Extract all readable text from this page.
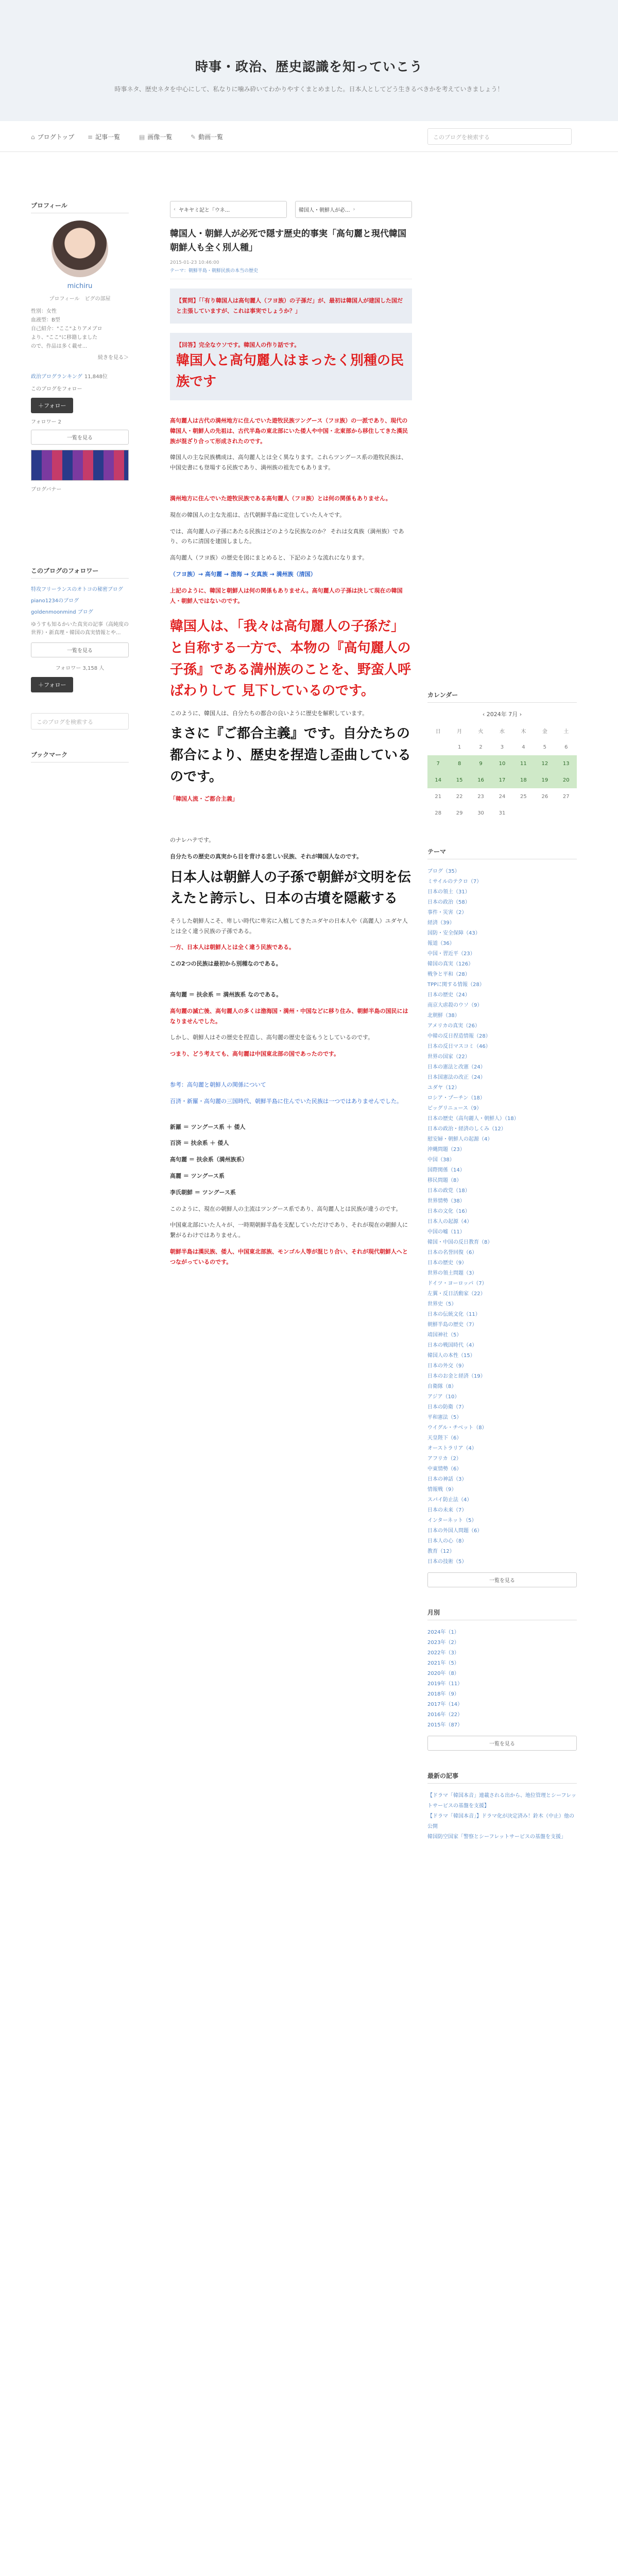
時事・政治、歴史認識を知っていこう

時事ネタ、歴史ネタを中心にして、私なりに噛み砕いてわかりやすくまとめました。日本人としてどう生きるべきかを考えていきましょう！

⌂ ブログトップ ≡ 記事一覧	▤ 画像一覧	✎ 動画一覧	このブログを検索する
プロフィール
michiru
プロフィール　ピグの部屋
性別：女性
血液型：B型
自己紹介："ここ"よりアメブロ
より、"ここ"に移籍しました
ので、作品は多く載せ...
続きを見る＞
政治ブログランキング 11,848位
このブログをフォロー
＋フォロー
フォロワー 2
一覧を見る
ブログバナー
このブログのフォロワー
特攻フリーランスのオトコの秘密ブログ
piano1234のブログ
goldenmoonmind ブログ
ゆうすも知るかいた真実の記事（高純度の世界）・新真理・韓国の真実情報とや...
一覧を見る
フォロワー 3,158 人
＋フォロー
このブログを検索する
ブックマーク
‹ ヤキヤミ記と「ウネ...	韓国人・朝鮮人が必... ›
韓国人・朝鮮人が必死で隠す歴史的事実「高句麗と現代韓国朝鮮人も全く別人種」
2015-01-23 10:46:00
テーマ：朝鮮半島・朝鮮民族の本当の歴史
【質問】「「有り韓国人は高句麗人（フヨ族）の子孫だ」が、最初は韓国人が建国した国だと主張していますが、これは事実でしょうか？」
【回答】完全なウソです。韓国人の作り話です。
韓国人と高句麗人はまったく別種の民族です
高句麗人は古代の満州地方に住んでいた遊牧民族ツングース（フヨ族）の一派であり、現代の韓国人・朝鮮人の先祖は、古代半島の東北部にいた倭人や中国・北東部から移住してきた漢民族が混ざり合って形成されたのです。
韓国人の主な民族構成は、高句麗人とは全く異なります。これらツングース系の遊牧民族は、中国史書にも登場する民族であり、満州族の祖先でもあります。
満州地方に住んでいた遊牧民族である高句麗人（フヨ族）とは何の関係もありません。
現在の韓国人の主な先祖は、古代朝鮮半島に定住していた人々です。
では、高句麗人の子孫にあたる民族はどのような民族なのか？ それは女真族（満州族）であり、のちに清国を建国しました。
高句麗人（フヨ族）の歴史を図にまとめると、下記のような流れになります。
（フヨ族）→ 高句麗 → 渤海 → 女真族 → 満州族（清国）
上記のように、韓国と朝鮮人は何の関係もありません。高句麗人の子孫は決して現在の韓国人・朝鮮人ではないのです。
韓国人は、「我々は高句麗人の子孫だ」と自称する一方で、本物の『高句麗人の子孫』である満州族のことを、野蛮人呼ばわりして 見下しているのです。
このように、韓国人は、自分たちの都合の良いように歴史を解釈しています。
まさに『ご都合主義』です。自分たちの都合により、歴史を捏造し歪曲しているのです。
「韓国人流・ご都合主義」
のナレハテです。
自分たちの歴史の真実から目を背ける悲しい民族、それが韓国人なのです。
日本人は朝鮮人の子孫で朝鮮が文明を伝えたと誇示し、日本の古墳を隠蔽する
そうした朝鮮人こそ、卑しい時代に卑劣に入植してきたユダヤの日本人や（高麗人）ユダヤ人とは全く違う民族の子孫である。
一方、日本人は朝鮮人とは全く違う民族である。
この2つの民族は最初から別種なのである。
高句麗 ＝ 扶余系 ＝ 満州族系 なのである。
高句麗の滅亡後、高句麗人の多くは渤海国・満州・中国などに移り住み、朝鮮半島の国民にはなりませんでした。
しかし、朝鮮人はその歴史を捏造し、高句麗の歴史を盗もうとしているのです。
つまり、どう考えても、高句麗は中国東北部の国であったのです。
参考：高句麗と朝鮮人の関係について
百済・新羅・高句麗の三国時代、朝鮮半島に住んでいた民族は一つではありませんでした。
新羅 ＝ ツングース系 ＋ 倭人
百済 ＝ 扶余系 ＋ 倭人
高句麗 ＝ 扶余系（満州族系）
高麗 ＝ ツングース系
李氏朝鮮 ＝ ツングース系
このように、現在の朝鮮人の主流はツングース系であり、高句麗人とは民族が違うのです。
中国東北部にいた人々が、一時期朝鮮半島を支配していただけであり、それが現在の朝鮮人に繋がるわけではありません。
朝鮮半島は漢民族、倭人、中国東北部族、モンゴル人等が混じり合い、それが現代朝鮮人へとつながっているのです。
カレンダー
‹ 2024年 7月 ›
日	月	火	水	木	金	土
	1	2	3	4	5	6
7	8	9	10	11	12	13
14	15	16	17	18	19	20
21	22	23	24	25	26	27
28	29	30	31			
テーマ
ブログ（35）
ミサイルのテクロ（7）
日本の領土（31）
日本の政治（58）
事件・災害（2）
経済（39）
国防・安全保障（43）
報道（36）
中国・習近平（23）
韓国の真実（126）
戦争と平和（28）
TPPに関する情報（28）
日本の歴史（24）
南京大虐殺のウソ（9）
北朝鮮（38）
アメリカの真実（26）
中韓の反日捏造情報（28）
日本の反日マスコミ（46）
世界の国家（22）
日本の憲法と改憲（24）
日本国憲法の改正（24）
ユダヤ（12）
ロシア・プーチン（18）
ビッグリニュース（9）
日本の歴史（高句麗人・朝鮮人）（18）
日本の政治・経済のしくみ（12）
慰安婦・朝鮮人の起源（4）
沖縄問題（23）
中国（38）
国際関係（14）
移民問題（8）
日本の政党（18）
世界情勢（38）
日本の文化（16）
日本人の起源（4）
中国の嘘（11）
韓国・中国の反日教育（8）
日本の名誉回復（6）
日本の歴史（9）
世界の領土問題（3）
ドイツ・ヨーロッパ（7）
左翼・反日活動家（22）
世界史（5）
日本の伝統文化（11）
朝鮮半島の歴史（7）
靖国神社（5）
日本の戦国時代（4）
韓国人の本性（15）
日本の外交（9）
日本のお金と経済（19）
自衛隊（8）
アジア（10）
日本の防衛（7）
平和憲法（5）
ウイグル・チベット（8）
天皇陛下（6）
オーストラリア（4）
アフリカ（2）
中東情勢（6）
日本の神話（3）
情報戦（9）
スパイ防止法（4）
日本の未来（7）
インターネット（5）
日本の外国人問題（6）
日本人の心（8）
教育（12）
日本の技術（5）
一覧を見る
月別
2024年（1）
2023年（2）
2022年（3）
2021年（5）
2020年（8）
2019年（11）
2018年（9）
2017年（14）
2016年（22）
2015年（87）
一覧を見る
最新の記事
【ドラマ「韓国本音」連載される出から、地位管理とシーフレットサービスの基盤を支援】
【ドラマ「韓国本音」】ドラマ化が決定済み！鈴木（中止）他の公開
韓国防空国家「警察とシーフレットサービスの基盤を支援」
